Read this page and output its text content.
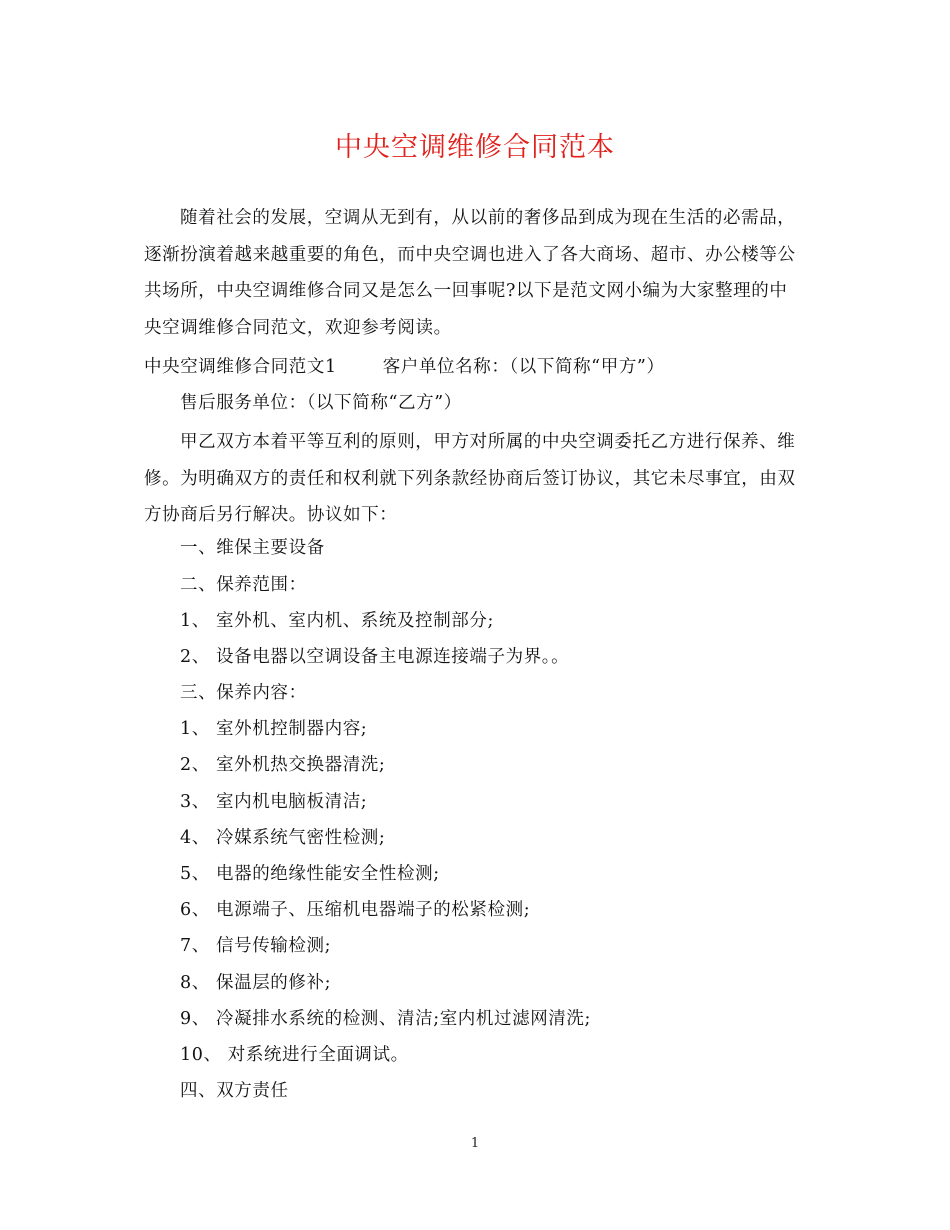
中央空调维修合同范本
随着社会的发展，空调从无到有，从以前的奢侈品到成为现在生活的必需品，逐渐扮演着越来越重要的角色，而中央空调也进入了各大商场、超市、办公楼等公共场所，中央空调维修合同又是怎么一回事呢?以下是范文网小编为大家整理的中央空调维修合同范文，欢迎参考阅读。
中央空调维修合同范文1	客户单位名称：（以下简称“甲方”）
售后服务单位：（以下简称“乙方”）
甲乙双方本着平等互利的原则，甲方对所属的中央空调委托乙方进行保养、维修。为明确双方的责任和权利就下列条款经协商后签订协议，其它未尽事宜，由双方协商后另行解决。协议如下：
一、维保主要设备
二、保养范围：
1、 室外机、室内机、系统及控制部分;
2、 设备电器以空调设备主电源连接端子为界。。
三、保养内容：
1、 室外机控制器内容;
2、 室外机热交换器清洗;
3、 室内机电脑板清洁;
4、 冷媒系统气密性检测;
5、 电器的绝缘性能安全性检测;
6、 电源端子、压缩机电器端子的松紧检测;
7、 信号传输检测;
8、 保温层的修补;
9、 冷凝排水系统的检测、清洁;室内机过滤网清洗;
10、 对系统进行全面调试。
四、双方责任
1
